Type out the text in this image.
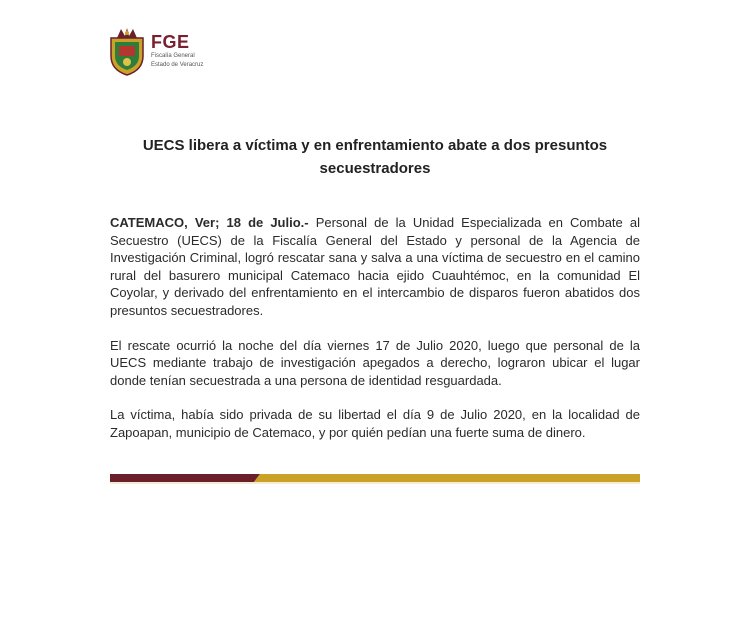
FGE
Fiscalía General
Estado de Veracruz
UECS libera a víctima y en enfrentamiento abate a dos presuntos
secuestradores

CATEMACO, Ver; 18 de Julio.- Personal de la Unidad Especializada en Combate al Secuestro (UECS) de la Fiscalía General del Estado y personal de la Agencia de Investigación Criminal, logró rescatar sana y salva a una víctima de secuestro en el camino rural del basurero municipal Catemaco hacia ejido Cuauhtémoc, en la comunidad El Coyolar, y derivado del enfrentamiento en el intercambio de disparos fueron abatidos dos presuntos secuestradores.

El rescate ocurrió la noche del día viernes 17 de Julio 2020, luego que personal de la UECS mediante trabajo de investigación apegados a derecho, lograron ubicar el lugar donde tenían secuestrada a una persona de identidad resguardada.

La víctima, había sido privada de su libertad el día 9 de Julio 2020, en la localidad de Zapoapan, municipio de Catemaco, y por quién pedían una fuerte suma de dinero.
